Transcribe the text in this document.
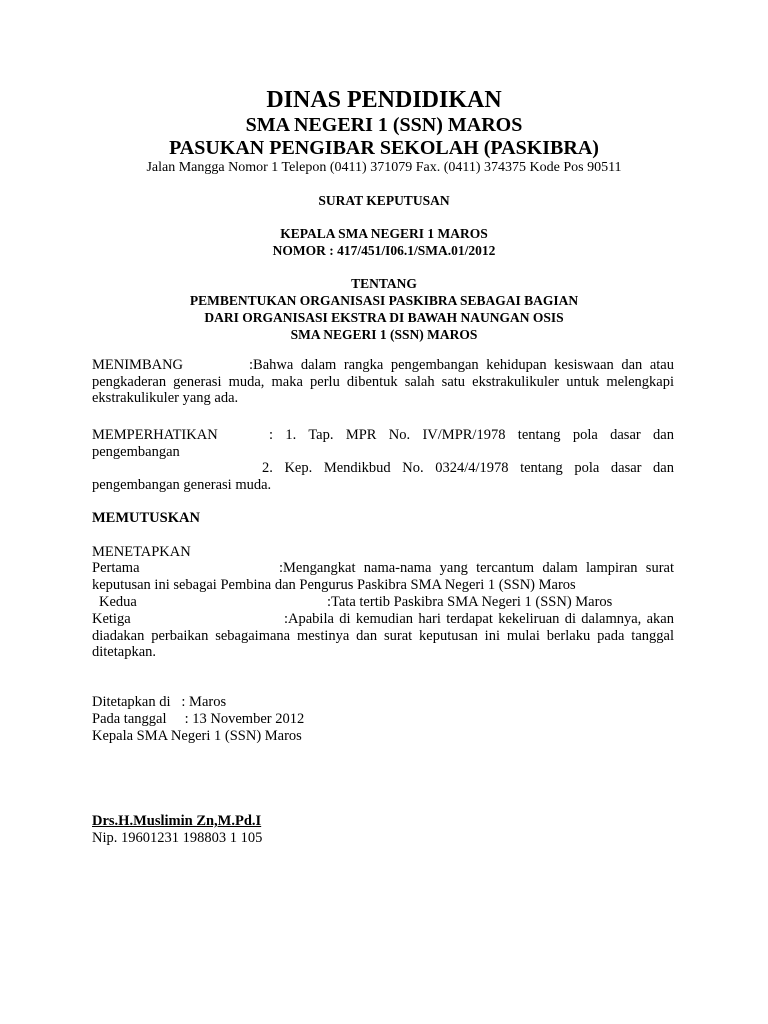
DINAS PENDIDIKAN
SMA NEGERI 1 (SSN) MAROS
PASUKAN PENGIBAR SEKOLAH (PASKIBRA)
Jalan Mangga Nomor 1 Telepon (0411) 371079 Fax. (0411) 374375 Kode Pos 90511
SURAT KEPUTUSAN
KEPALA SMA NEGERI 1 MAROS
NOMOR : 417/451/I06.1/SMA.01/2012
TENTANG
PEMBENTUKAN ORGANISASI PASKIBRA SEBAGAI BAGIAN
DARI ORGANISASI EKSTRA DI BAWAH NAUNGAN OSIS
SMA NEGERI 1 (SSN) MAROS
MENIMBANG	:Bahwa dalam rangka pengembangan kehidupan kesiswaan dan atau pengkaderan generasi muda, maka perlu dibentuk salah satu ekstrakulikuler untuk melengkapi ekstrakulikuler yang ada.
MEMPERHATIKAN	: 1. Tap. MPR No. IV/MPR/1978 tentang pola dasar dan pengembangan
2. Kep. Mendikbud No. 0324/4/1978 tentang pola dasar dan pengembangan generasi muda.
MEMUTUSKAN
MENETAPKAN
Pertama	:Mengangkat nama-nama yang tercantum dalam lampiran surat keputusan ini sebagai Pembina dan Pengurus Paskibra SMA Negeri 1 (SSN) Maros
Kedua	:Tata tertib Paskibra SMA Negeri 1 (SSN) Maros
Ketiga	:Apabila di kemudian hari terdapat kekeliruan di dalamnya, akan diadakan perbaikan sebagaimana mestinya dan surat keputusan ini mulai berlaku pada tanggal ditetapkan.
Ditetapkan di   : Maros
Pada tanggal     : 13 November 2012
Kepala SMA Negeri 1 (SSN) Maros
Drs.H.Muslimin Zn,M.Pd.I
Nip. 19601231 198803 1 105
